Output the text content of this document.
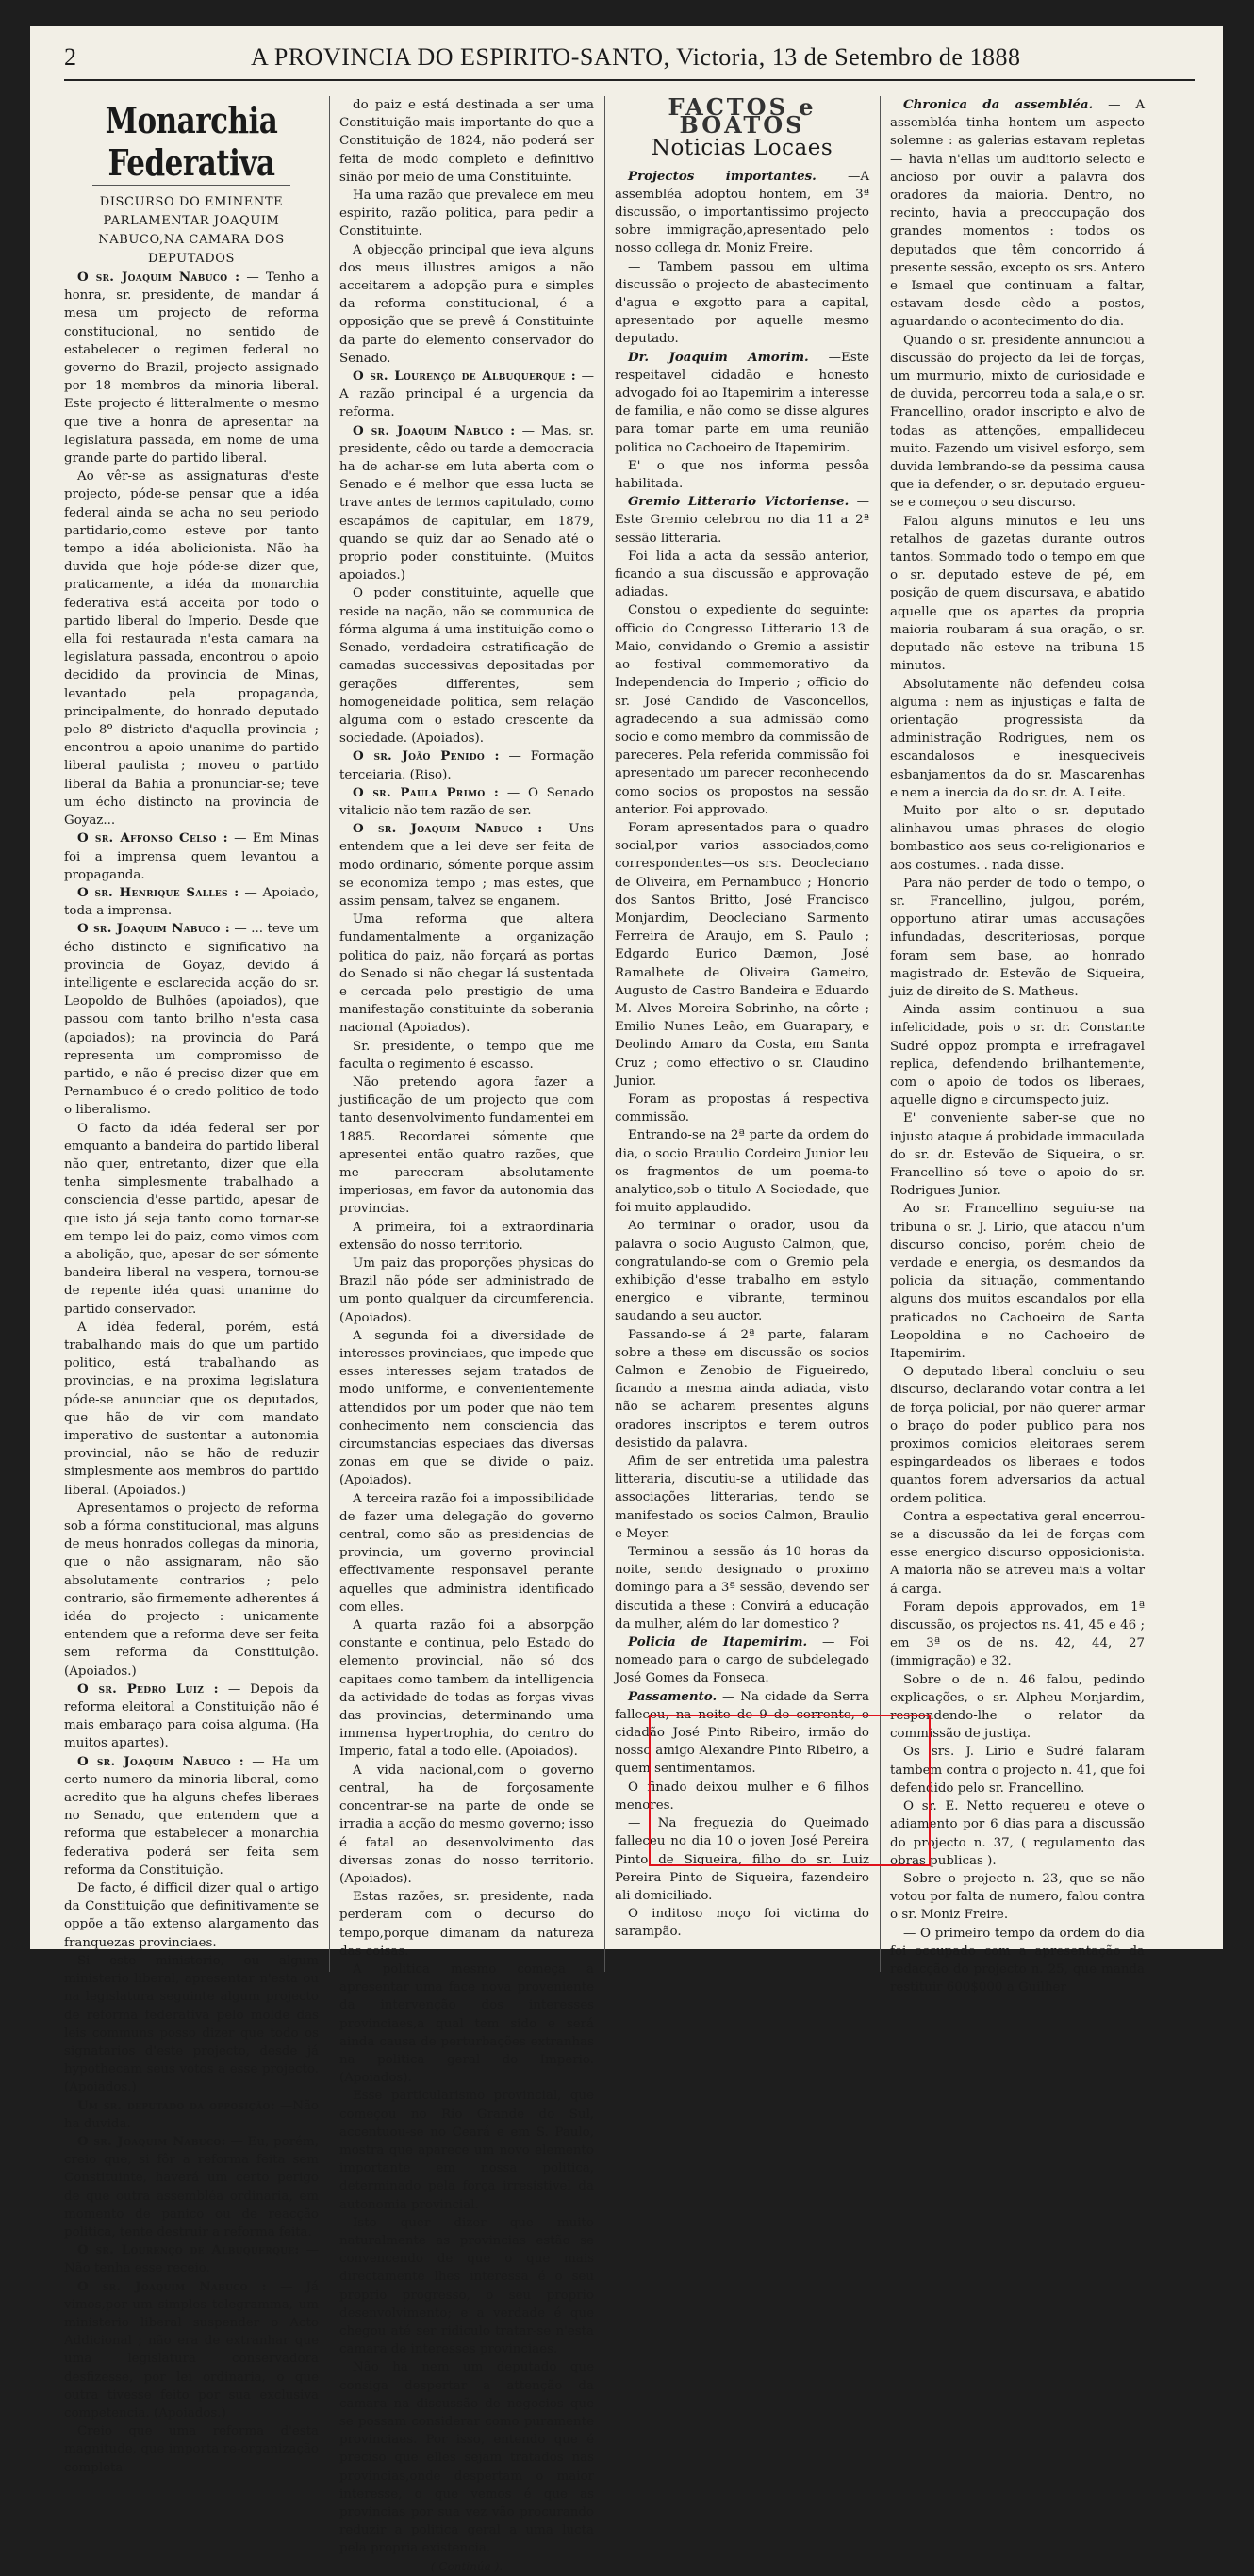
2	A PROVINCIA DO ESPIRITO-SANTO, Victoria, 13 de Setembro de 1888
Monarchia Federativa

DISCURSO DO EMINENTE PARLAMENTAR JOAQUIM NABUCO,NA CAMARA DOS DEPUTADOS

O sr. Joaquim Nabuco : — Tenho a honra, sr. presidente, de mandar á mesa um projecto de reforma constitucional, no sentido de estabelecer o regimen federal no governo do Brazil, projecto assignado por 18 membros da minoria liberal. Este projecto é litteralmente o mesmo que tive a honra de apresentar na legislatura passada, em nome de uma grande parte do partido liberal.

Ao vêr-se as assignaturas d'este projecto, póde-se pensar que a idéa federal ainda se acha no seu periodo partidario,como esteve por tanto tempo a idéa abolicionista. Não ha duvida que hoje póde-se dizer que, praticamente, a idéa da monarchia federativa está acceita por todo o partido liberal do Imperio. Desde que ella foi restaurada n'esta camara na legislatura passada, encontrou o apoio decidido da provincia de Minas, levantado pela propaganda, principalmente, do honrado deputado pelo 8º districto d'aquella provincia ; encontrou a apoio unanime do partido liberal paulista ; moveu o partido liberal da Bahia a pronunciar-se; teve um écho distincto na provincia de Goyaz...

O sr. Affonso Celso : — Em Minas foi a imprensa quem levantou a propaganda.

O sr. Henrique Salles : — Apoiado, toda a imprensa.

O sr. Joaquim Nabuco : — ... teve um écho distincto e significativo na provincia de Goyaz, devido á intelligente e esclarecida acção do sr. Leopoldo de Bulhões (apoiados), que passou com tanto brilho n'esta casa (apoiados); na provincia do Pará representa um compromisso de partido, e não é preciso dizer que em Pernambuco é o credo politico de todo o liberalismo.

O facto da idéa federal ser por emquanto a bandeira do partido liberal não quer, entretanto, dizer que ella tenha simplesmente trabalhado a consciencia d'esse partido, apesar de que isto já seja tanto como tornar-se em tempo lei do paiz, como vimos com a abolição, que, apesar de ser sómente bandeira liberal na vespera, tornou-se de repente idéa quasi unanime do partido conservador.

A idéa federal, porém, está trabalhando mais do que um partido politico, está trabalhando as provincias, e na proxima legislatura póde-se anunciar que os deputados, que hão de vir com mandato imperativo de sustentar a autonomia provincial, não se hão de reduzir simplesmente aos membros do partido liberal. (Apoiados.)

Apresentamos o projecto de reforma sob a fórma constitucional, mas alguns de meus honrados collegas da minoria, que o não assignaram, não são absolutamente contrarios ; pelo contrario, são firmemente adherentes á idéa do projecto : unicamente entendem que a reforma deve ser feita sem reforma da Constituição. (Apoiados.)

O sr. Pedro Luiz : — Depois da reforma eleitoral a Constituição não é mais embaraço para coisa alguma. (Ha muitos apartes).

O sr. Joaquim Nabuco : — Ha um certo numero da minoria liberal, como acredito que ha alguns chefes liberaes no Senado, que entendem que a reforma que estabelecer a monarchia federativa poderá ser feita sem reforma da Constituição.

De facto, é difficil dizer qual o artigo da Constituição que definitivamente se oppõe a tão extenso alargamento das franquezas provinciaes.

Si este ministerio, ou algum ministerio liberal, apresentar n'esta ou na legislatura seguinte algum projecto de reforma federativa pelo molde das leis communs posso dizer que todo os signatarios d'este projecto, desde já hypothecam seus votos a esse projecto. (Apoiados.)

Um sr. deputado da opposição: —Não ha duvida.

O sr. Joaquim Nabuco: — Eu, porém, creio que, si fôr a reforma feita sem Constituinte, haverá um certo perigo de que outra assembléa ordinaria, em momento de panico ou de reacção politica, tente destruir a reforma feita.

O sr. Lourenço de Albuquerque: —Não tenha esse receio.

O sr. Joaquim Nabuco : — Já vimos,por um simples telegramma, um ministerio liberal suspender o Acto Addicional ; não era de extranhar que uma legislatura conservadora desfizesse, por lei ordinaria, o que outra tivesse feito por sua exclusiva competencia. (Apoiados.)

Creio que uma reforma d'esta magnitude, que importa re-organização completa

do paiz e está destinada a ser uma Constituição mais importante do que a Constituição de 1824, não poderá ser feita de modo completo e definitivo sinão por meio de uma Constituinte.

Ha uma razão que prevalece em meu espirito, razão politica, para pedir a Constituinte.

A objecção principal que ieva alguns dos meus illustres amigos a não acceitarem a adopção pura e simples da reforma constitucional, é a opposição que se prevê á Constituinte da parte do elemento conservador do Senado.

O sr. Lourenço de Albuquerque : — A razão principal é a urgencia da reforma.

O sr. Joaquim Nabuco : — Mas, sr. presidente, cêdo ou tarde a democracia ha de achar-se em luta aberta com o Senado e é melhor que essa lucta se trave antes de termos capitulado, como escapámos de capitular, em 1879, quando se quiz dar ao Senado até o proprio poder constituinte. (Muitos apoiados.)

O poder constituinte, aquelle que reside na nação, não se communica de fórma alguma á uma instituição como o Senado, verdadeira estratificação de camadas successivas depositadas por gerações differentes, sem homogeneidade politica, sem relação alguma com o estado crescente da sociedade. (Apoiados).

O sr. João Penido : — Formação terceiaria. (Riso).

O sr. Paula Primo : — O Senado vitalicio não tem razão de ser.

O sr. Joaquim Nabuco : —Uns entendem que a lei deve ser feita de modo ordinario, sómente porque assim se economiza tempo ; mas estes, que assim pensam, talvez se enganem.

Uma reforma que altera fundamentalmente a organização politica do paiz, não forçará as portas do Senado si não chegar lá sustentada e cercada pelo prestigio de uma manifestação constituinte da soberania nacional (Apoiados).

Sr. presidente, o tempo que me faculta o regimento é escasso.

Não pretendo agora fazer a justificação de um projecto que com tanto desenvolvimento fundamentei em 1885. Recordarei sómente que apresentei então quatro razões, que me pareceram absolutamente imperiosas, em favor da autonomia das provincias.

A primeira, foi a extraordinaria extensão do nosso territorio.

Um paiz das proporções physicas do Brazil não póde ser administrado de um ponto qualquer da circumferencia. (Apoiados).

A segunda foi a diversidade de interesses provinciaes, que impede que esses interesses sejam tratados de modo uniforme, e convenientemente attendidos por um poder que não tem conhecimento nem consciencia das circumstancias especiaes das diversas zonas em que se divide o paiz. (Apoiados).

A terceira razão foi a impossibilidade de fazer uma delegação do governo central, como são as presidencias de provincia, um governo provincial effectivamente responsavel perante aquelles que administra identificado com elles.

A quarta razão foi a absorpção constante e continua, pelo Estado do elemento provincial, não só dos capitaes como tambem da intelligencia da actividade de todas as forças vivas das provincias, determinando uma immensa hypertrophia, do centro do Imperio, fatal a todo elle. (Apoiados).

A vida nacional,com o governo central, ha de forçosamente concentrar-se na parte de onde se irradia a acção do mesmo governo; isso é fatal ao desenvolvimento das diversas zonas do nosso territorio. (Apoiados).

Estas razões, sr. presidente, nada perderam com o decurso do tempo,porque dimanam da natureza das coisas.

A politica mesmo começa a apresentar uma face nova proveniente da intervenção dos interesses provinciaes,a qual tem sido e será ainda causa de perturbações extranhas na politica geral do Imperio. (Apoiados).

Esse particularismo provincial, que começou no Rio Grande do Sul, accentuou-se no Ceará e em S. Paulo, mostra que aparece um novo elemento importante em nossa politica, determinado pela força irresistivel da autonomia provincial.

Isto quer dizer que muito naturalmente as provincias estão se convencendo de que o que mais directamente lhes interessa é o seu proprio progresso, o seu proprio desenvolvimento; e a verdade é que chegou até ser ridiculo tratar-se n'esta camara de interesses provinciaes.

Não ha nem um deputado que consiga despertar a attenção da camara na discussão de negocios que se possam considerar como puramente provinciaes. Por isso, entendo que é preciso que elles sejam tratados nas provincias,onde despertam o maior interesse, o que vemos é que as provincias por sua vez vão procurando reduzir a politica geral a uma lucta pela propria existencia.

( Continúa ).

FACTOS e BOATOS
Noticias Locaes

Projectos importantes. —A assembléa adoptou hontem, em 3ª discussão, o importantissimo projecto sobre immigração,apresentado pelo nosso collega dr. Moniz Freire.

— Tambem passou em ultima discussão o projecto de abastecimento d'agua e exgotto para a capital, apresentado por aquelle mesmo deputado.

Dr. Joaquim Amorim. —Este respeitavel cidadão e honesto advogado foi ao Itapemirim a interesse de familia, e não como se disse algures para tomar parte em uma reunião politica no Cachoeiro de Itapemirim.

E' o que nos informa pessôa habilitada.

Gremio Litterario Victoriense. — Este Gremio celebrou no dia 11 a 2ª sessão litteraria.

Foi lida a acta da sessão anterior, ficando a sua discussão e approvação adiadas.

Constou o expediente do seguinte: officio do Congresso Litterario 13 de Maio, convidando o Gremio a assistir ao festival commemorativo da Independencia do Imperio ; officio do sr. José Candido de Vasconcellos, agradecendo a sua admissão como socio e como membro da commissão de pareceres. Pela referida commissão foi apresentado um parecer reconhecendo como socios os propostos na sessão anterior. Foi approvado.

Foram apresentados para o quadro social,por varios associados,como correspondentes—os srs. Deocleciano de Oliveira, em Pernambuco ; Honorio dos Santos Britto, José Francisco Monjardim, Deocleciano Sarmento Ferreira de Araujo, em S. Paulo ; Edgardo Eurico Dæmon, José Ramalhete de Oliveira Gameiro, Augusto de Castro Bandeira e Eduardo M. Alves Moreira Sobrinho, na côrte ; Emilio Nunes Leão, em Guarapary, e Deolindo Amaro da Costa, em Santa Cruz ; como effectivo o sr. Claudino Junior.

Foram as propostas á respectiva commissão.

Entrando-se na 2ª parte da ordem do dia, o socio Braulio Cordeiro Junior leu os fragmentos de um poema-to analytico,sob o titulo A Sociedade, que foi muito applaudido.

Ao terminar o orador, usou da palavra o socio Augusto Calmon, que, congratulando-se com o Gremio pela exhibição d'esse trabalho em estylo energico e vibrante, terminou saudando a seu auctor.

Passando-se á 2ª parte, falaram sobre a these em discussão os socios Calmon e Zenobio de Figueiredo, ficando a mesma ainda adiada, visto não se acharem presentes alguns oradores inscriptos e terem outros desistido da palavra.

Afim de ser entretida uma palestra litteraria, discutiu-se a utilidade das associações litterarias, tendo se manifestado os socios Calmon, Braulio e Meyer.

Terminou a sessão ás 10 horas da noite, sendo designado o proximo domingo para a 3ª sessão, devendo ser discutida a these : Convirá a educação da mulher, além do lar domestico ?

Policia de Itapemirim. — Foi nomeado para o cargo de subdelegado José Gomes da Fonseca.

Passamento. — Na cidade da Serra falleceu, na noite de 9 do corrente, o cidadão José Pinto Ribeiro, irmão do nosso amigo Alexandre Pinto Ribeiro, a quem sentimentamos.

O finado deixou mulher e 6 filhos menores.

— Na freguezia do Queimado falleceu no dia 10 o joven José Pereira Pinto de Siqueira, filho do sr. Luiz Pereira Pinto de Siqueira, fazendeiro ali domiciliado.

O inditoso moço foi victima do sarampão.

Chronica da assembléa. — A assembléa tinha hontem um aspecto solemne : as galerias estavam repletas — havia n'ellas um auditorio selecto e ancioso por ouvir a palavra dos oradores da maioria. Dentro, no recinto, havia a preoccupação dos grandes momentos : todos os deputados que têm concorrido á presente sessão, excepto os srs. Antero e Ismael que continuam a faltar, estavam desde cêdo a postos, aguardando o acontecimento do dia.

Quando o sr. presidente annunciou a discussão do projecto da lei de forças, um murmurio, mixto de curiosidade e de duvida, percorreu toda a sala,e o sr. Francellino, orador inscripto e alvo de todas as attenções, empallideceu muito. Fazendo um visivel esforço, sem duvida lembrando-se da pessima causa que ia defender, o sr. deputado ergueu-se e começou o seu discurso.

Falou alguns minutos e leu uns retalhos de gazetas durante outros tantos. Sommado todo o tempo em que o sr. deputado esteve de pé, em posição de quem discursava, e abatido aquelle que os apartes da propria maioria roubaram á sua oração, o sr. deputado não esteve na tribuna 15 minutos.

Absolutamente não defendeu coisa alguma : nem as injustiças e falta de orientação progressista da administração Rodrigues, nem os escandalosos e inesqueciveis esbanjamentos da do sr. Mascarenhas e nem a inercia da do sr. dr. A. Leite.

Muito por alto o sr. deputado alinhavou umas phrases de elogio bombastico aos seus co-religionarios e aos costumes. . nada disse.

Para não perder de todo o tempo, o sr. Francellino, julgou, porém, opportuno atirar umas accusações infundadas, descriteriosas, porque foram sem base, ao honrado magistrado dr. Estevão de Siqueira, juiz de direito de S. Matheus.

Ainda assim continuou a sua infelicidade, pois o sr. dr. Constante Sudré oppoz prompta e irrefragavel replica, defendendo brilhantemente, com o apoio de todos os liberaes, aquelle digno e circumspecto juiz.

E' conveniente saber-se que no injusto ataque á probidade immaculada do sr. dr. Estevão de Siqueira, o sr. Francellino só teve o apoio do sr. Rodrigues Junior.

Ao sr. Francellino seguiu-se na tribuna o sr. J. Lirio, que atacou n'um discurso conciso, porém cheio de verdade e energia, os desmandos da policia da situação, commentando alguns dos muitos escandalos por ella praticados no Cachoeiro de Santa Leopoldina e no Cachoeiro de Itapemirim.

O deputado liberal concluiu o seu discurso, declarando votar contra a lei de força policial, por não querer armar o braço do poder publico para nos proximos comicios eleitoraes serem espingardeados os liberaes e todos quantos forem adversarios da actual ordem politica.

Contra a espectativa geral encerrou-se a discussão da lei de forças com esse energico discurso opposicionista. A maioria não se atreveu mais a voltar á carga.

Foram depois approvados, em 1ª discussão, os projectos ns. 41, 45 e 46 ; em 3ª os de ns. 42, 44, 27 (immigração) e 32.

Sobre o de n. 46 falou, pedindo explicações, o sr. Alpheu Monjardim, respondendo-lhe o relator da commissão de justiça.

Os srs. J. Lirio e Sudré falaram tambem contra o projecto n. 41, que foi defendido pelo sr. Francellino.

O sr. E. Netto requereu e oteve o adiamento por 6 dias para a discussão do projecto n. 37, ( regulamento das obras publicas ).

Sobre o projecto n. 23, que se não votou por falta de numero, falou contra o sr. Moniz Freire.

— O primeiro tempo da ordem do dia foi occupado com a apresentação da redacção do projecto n. 25, que manda restituir 600$000 a Guilher
